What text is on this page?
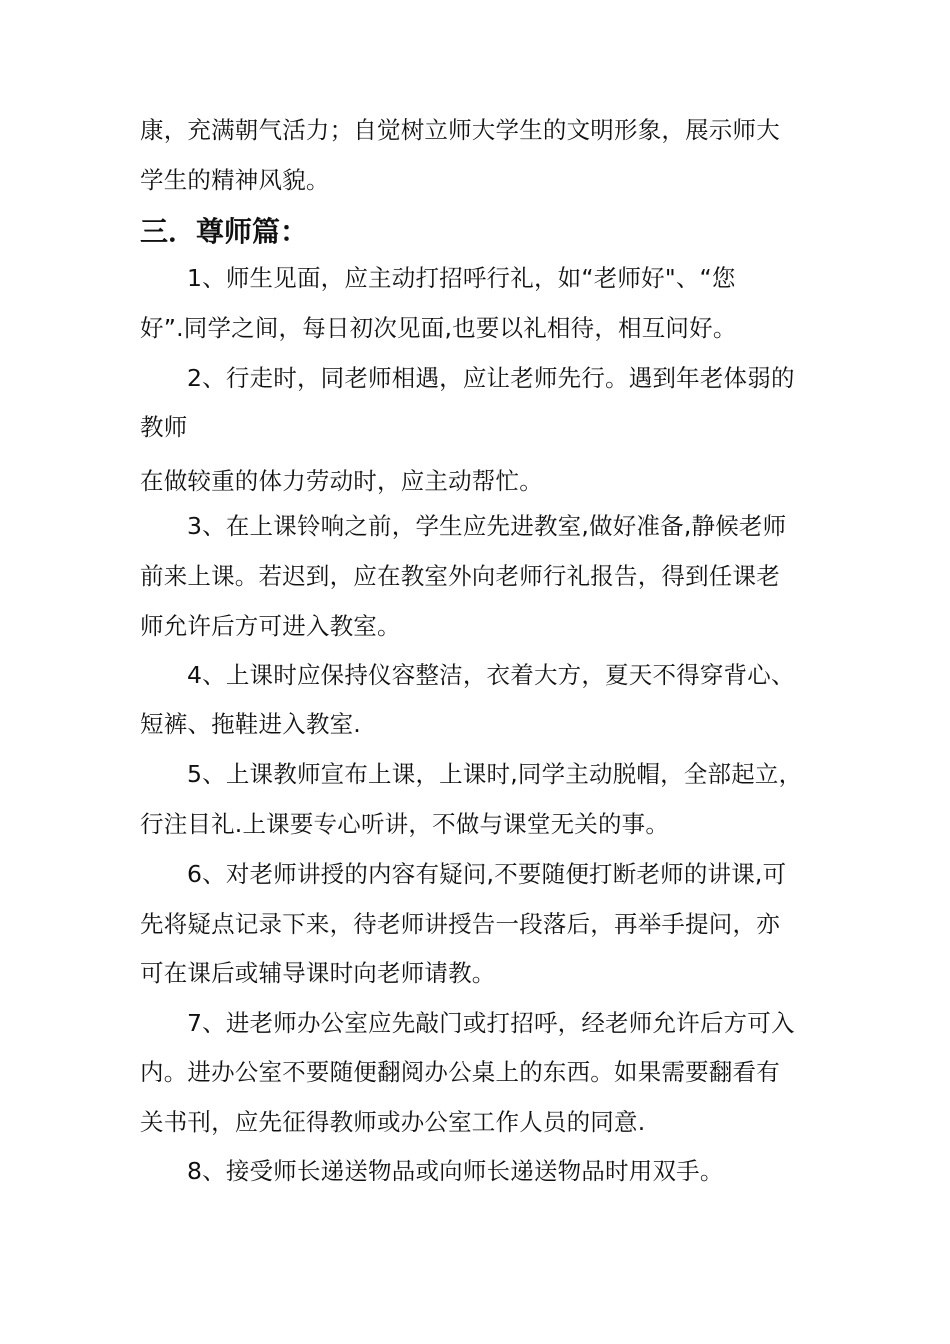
康，充满朝气活力；自觉树立师大学生的文明形象，展示师大
学生的精神风貌。
三．尊师篇：
1、师生见面，应主动打招呼行礼，如“老师好"、“您
好”.同学之间，每日初次见面,也要以礼相待，相互问好。
2、行走时，同老师相遇，应让老师先行。遇到年老体弱的
教师
在做较重的体力劳动时，应主动帮忙。
3、在上课铃响之前，学生应先进教室,做好准备,静候老师
前来上课。若迟到，应在教室外向老师行礼报告，得到任课老
师允许后方可进入教室。
4、上课时应保持仪容整洁，衣着大方，夏天不得穿背心、
短裤、拖鞋进入教室.
5、上课教师宣布上课，上课时,同学主动脱帽，全部起立，
行注目礼.上课要专心听讲，不做与课堂无关的事。
6、对老师讲授的内容有疑问,不要随便打断老师的讲课,可
先将疑点记录下来，待老师讲授告一段落后，再举手提问，亦
可在课后或辅导课时向老师请教。
7、进老师办公室应先敲门或打招呼，经老师允许后方可入
内。进办公室不要随便翻阅办公桌上的东西。如果需要翻看有
关书刊，应先征得教师或办公室工作人员的同意.
8、接受师长递送物品或向师长递送物品时用双手。
